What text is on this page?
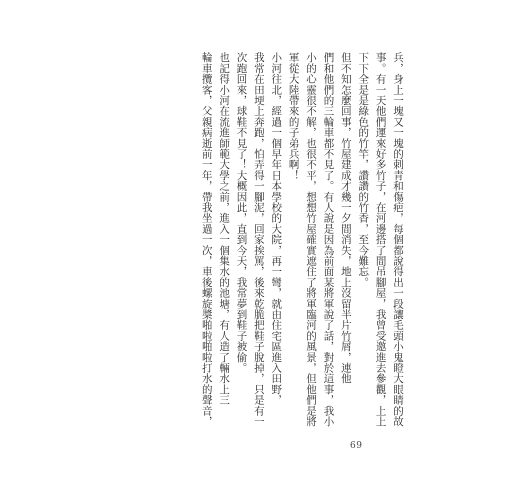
兵，身上一塊又一塊的刺青和傷疤，每個都說得出一段讓毛頭小鬼瞪大眼睛的故
事。有一天他們運來好多竹子，在河邊搭了間吊腳屋，我曾受邀進去參觀，上上
下下全是是綠色的竹竿，讚讚的竹香，至今難忘。
但不知怎麼回事，竹屋建成才幾一夕間消失，地上沒留半片竹屑，連他
們和他們的三輪車都不見了。有人說是因為前面某將軍說了話，對於這事，我小
小的心靈很不解，也很不平，想想竹屋確實遮住了將軍臨河的風景，但他們是將
軍從大陸帶來的子弟兵啊！
小河往北，經過一個早年日本學校的大院，再一彎，就由住宅區進入田野，
我常在田埂上奔跑，怕弄得一腳泥，回家挨罵，後來乾脆把鞋子脫掉，只是有一
次跑回來，球鞋不見了！大概因此，直到今天，我常夢到鞋子被偷。
也記得小河在流進師範大學之前，進入一個集水的池塘，有人造了輛水上三
輪車攬客，父親病逝前一年，帶我坐過一次，車後螺旋槳啪啦啪啦打水的聲音，
69
